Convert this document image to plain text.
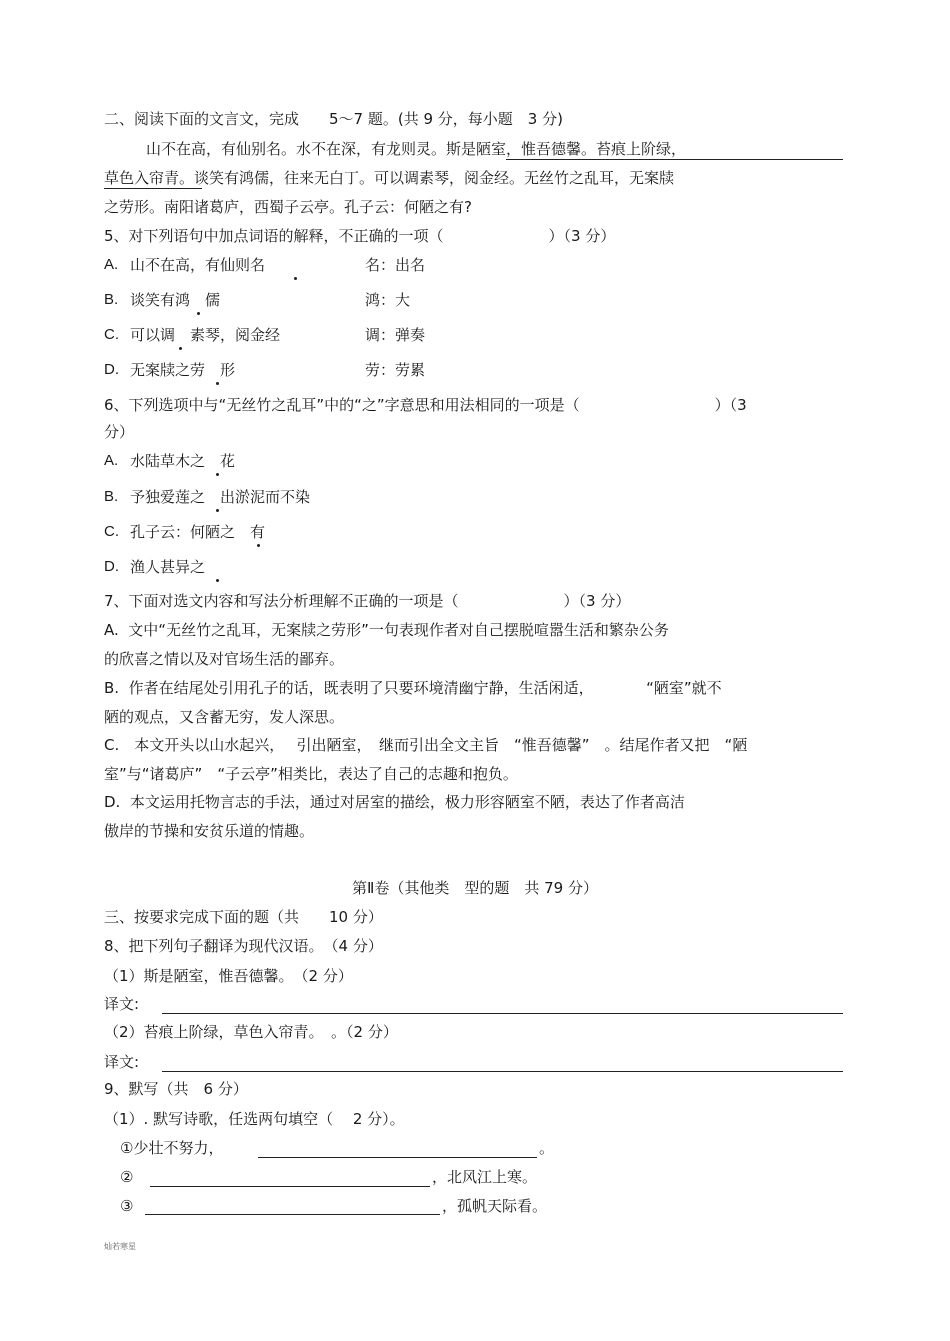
二、阅读下面的文言文，完成　　5～7 题。(共 9 分，每小题　3 分)
山不在高，有仙别名。水不在深，有龙则灵。斯是陋室，惟吾德馨。苔痕上阶绿，
草色入帘青。谈笑有鸿儒，往来无白丁。可以调素琴，阅金经。无丝竹之乱耳，无案牍
之劳形。南阳诸葛庐，西蜀子云亭。孔子云：何陋之有?
5、对下列语句中加点词语的解释，不正确的一项（　　　　　　　）（3 分）
A. 山不在高，有仙则名	名：出名
B. 谈笑有鸿　儒	鸿：大
C. 可以调　素琴，阅金经	调：弹奏
D. 无案牍之劳　形	劳：劳累
6、下列选项中与“无丝竹之乱耳”中的“之”字意思和用法相同的一项是（　　　　　　　　　）（3
分）
A. 水陆草木之　花
B. 予独爱莲之　出淤泥而不染
C. 孔子云：何陋之　有
D. 渔人甚异之
7、下面对选文内容和写法分析理解不正确的一项是（　　　　　　　）（3 分）
A.  文中“无丝竹之乱耳，无案牍之劳形”一句表现作者对自己摆脱喧嚣生活和繁杂公务
的欣喜之情以及对官场生活的鄙弃。
B.  作者在结尾处引用孔子的话，既表明了只要环境清幽宁静，生活闲适，　　　　“陋室”就不
陋的观点，又含蓄无穷，发人深思。
C.　本文开头以山水起兴，　 引出陋室，　继而引出全文主旨　“惟吾德馨”　。结尾作者又把　“陋
室”与“诸葛庐”　“子云亭”相类比，表达了自己的志趣和抱负。
D.  本文运用托物言志的手法，通过对居室的描绘，极力形容陋室不陋，表达了作者高洁
傲岸的节操和安贫乐道的情趣。
第Ⅱ卷（其他类　型的题　共 79 分）
三、按要求完成下面的题（共　　10 分）
8、把下列句子翻译为现代汉语。　（4 分）
（1）斯是陋室，惟吾德馨。　（2 分）
译文:
（2）苔痕上阶绿，草色入帘青。　。（2 分）
译文:
9、默写（共　6 分）
（1）. 默写诗歌，任选两句填空（　 2 分）。
①少壮不努力，	。
②	，北风江上寒。
③	，孤帆天际看。
灿若寒星
